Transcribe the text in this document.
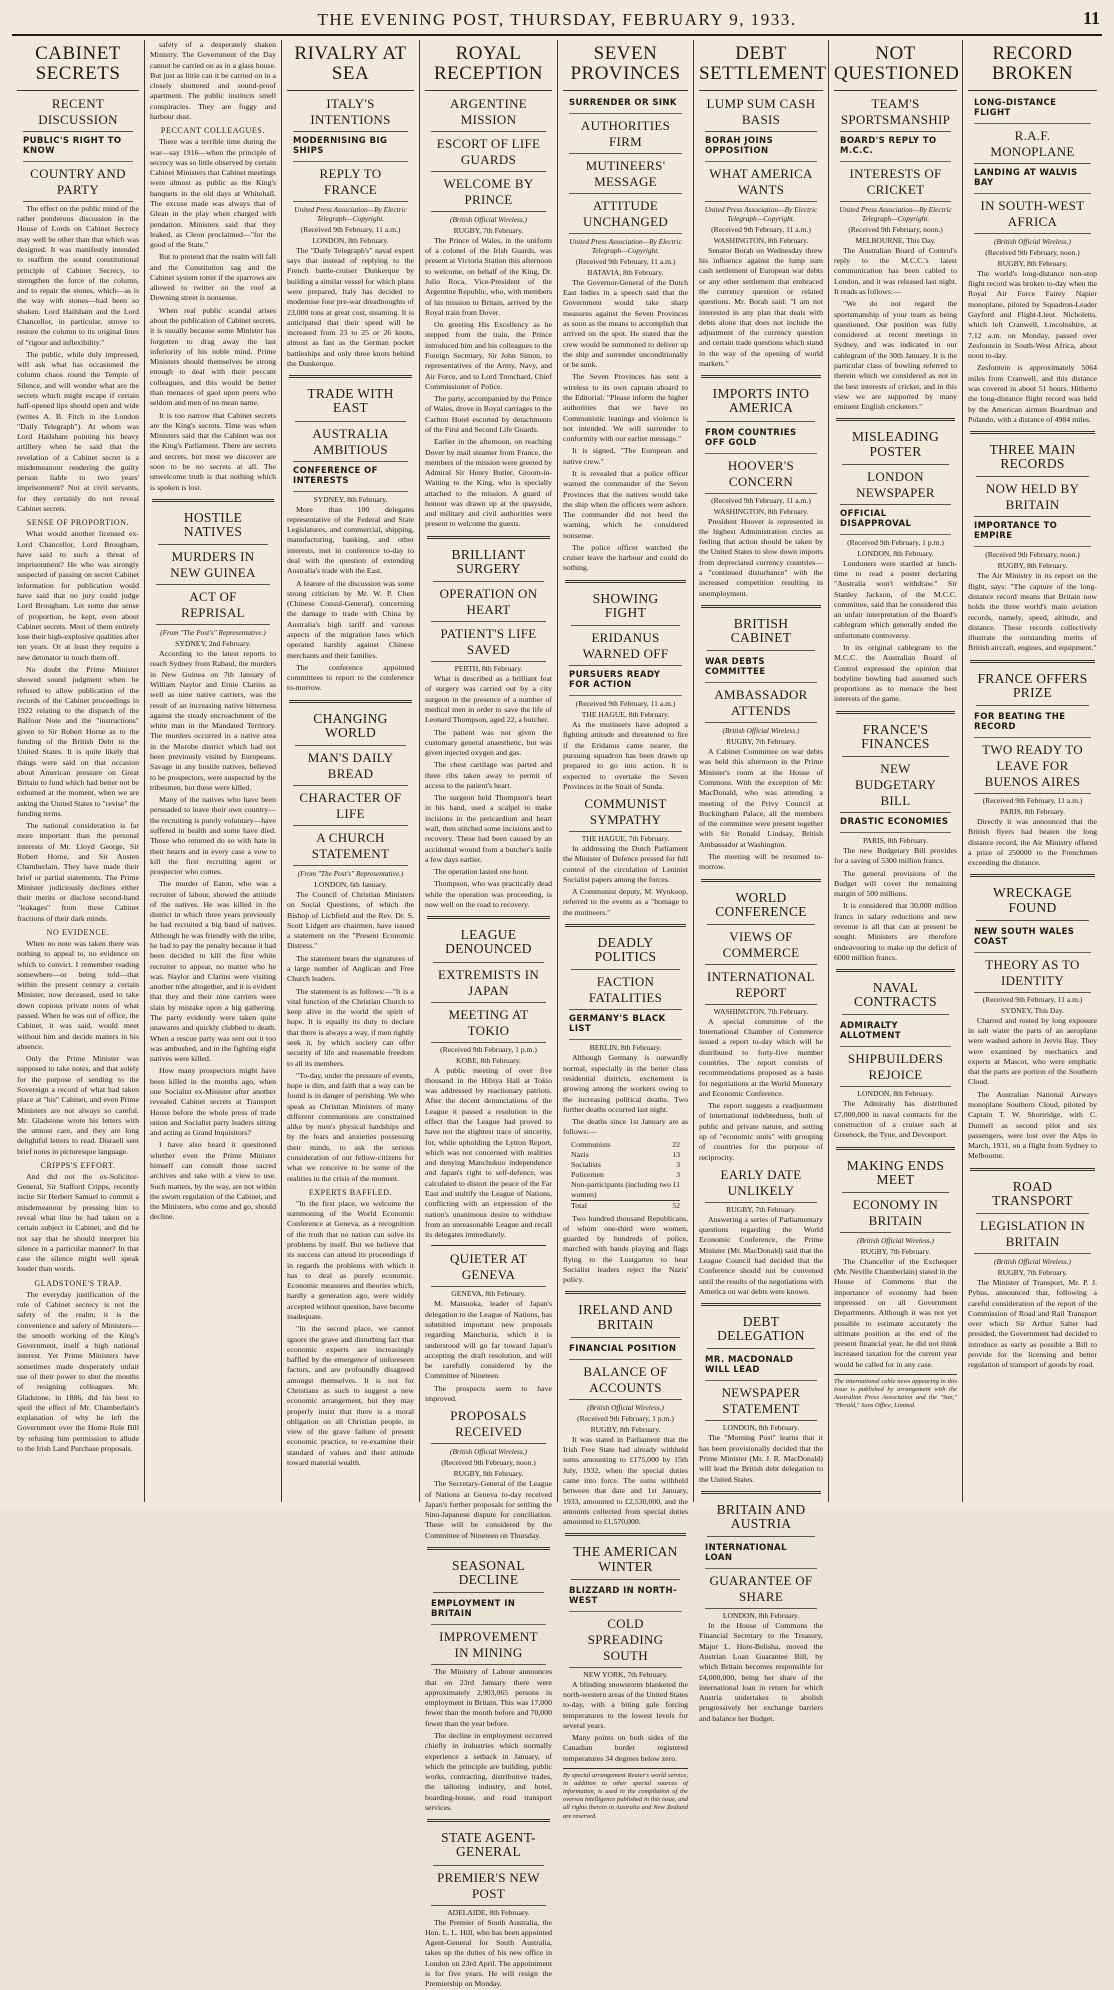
THE EVENING POST, THURSDAY, FEBRUARY 9, 1933.	11
CABINET SECRETS
RECENT DISCUSSION
PUBLIC'S RIGHT TO KNOW
COUNTRY AND PARTY

The effect on the public mind of the rather ponderous discussion in the House of Lords on Cabinet Secrecy may well be other than that which was designed. It was manifestly intended to reaffirm the sound constitutional principle of Cabinet Secrecy, to strengthen the force of the column, and to repair the stones, which—as is the way with stones—had been so shaken. Lord Hailsham and the Lord Chancellor, in particular, strove to restore the column to its original lines of "rigour and inflexibility."

The public, while duly impressed, will ask what has occasioned the column chaos round the Temple of Silence, and will wonder what are the secrets which might escape if certain half-opened lips should open and wide (writes A. B. Fitch in the London "Daily Telegraph"). At whom was Lord Hailsham pointing his heavy artillery when he said that the revelation of a Cabinet secret is a misdemeanour rendering the guilty person liable to two years' imprisonment? Not at civil servants, for they certainly do not reveal Cabinet secrets.

SENSE OF PROPORTION.

What would another licensed ex-Lord Chancellor, Lord Brougham, have said to such a threat of imprisonment? He who was strongly suspected of passing on secret Cabinet information for publication would have said that no jury could judge Lord Brougham. Let some due sense of proportion, be kept, even about Cabinet secrets. Most of them entirely lose their high-explosive qualities after ten years. Or at least they require a new detonator to touch them off.

No doubt the Prime Minister showed sound judgment when he refused to allow publication of the records of the Cabinet proceedings in 1922 relating to the dispatch of the Balfour Note and the "instructions" given to Sir Robert Horne as to the funding of the British Debt to the United States. It is quite likely that things were said on that occasion about American pressure on Great Britain to fund which had better not be exhumed at the moment, when we are asking the United States to "revise" the funding terms.

The national consideration is far more important than the personal interests of Mr. Lloyd George, Sir Robert Horne, and Sir Austen Chamberlain. They have made their brief or partial statements. The Prime Minister judiciously declines either their merits or disclose second-hand "leakages" from these Cabinet fractions of their dark minds.

NO EVIDENCE.

When no note was taken there was nothing to appeal to, no evidence on which to convict. I remember reading somewhere—or being told—that within the present century a certain Minister, now deceased, used to take down copious private notes of what passed. When he was out of office, the Cabinet, it was said, would meet without him and decide matters in his absence.

Only the Prime Minister was supposed to take notes, and that solely for the purpose of sending to the Sovereign a record of what had taken place at "his" Cabinet, and even Prime Ministers are not always so careful. Mr. Gladstone wrote his letters with the utmost care, and they are long delightful letters to read. Disraeli sent brief notes in picturesque language.

CRIPPS'S EFFORT.

And did not the ex-Solicitor-General, Sir Stafford Cripps, recently incite Sir Herbert Samuel to commit a misdemeanour by pressing him to reveal what line he had taken on a certain subject in Cabinet, and did he not say that he should interpret his silence in a particular manner? In that case the silence might well speak louder than words.

GLADSTONE'S TRAP.

The everyday justification of the rule of Cabinet secrecy is not the safety of the realm; it is the convenience and safety of Ministers—the smooth working of the King's Government, itself a high national interest. Yet Prime Ministers have sometimes made desperately unfair use of their power to shut the mouths of resigning colleagues. Mr. Gladstone, in 1886, did his best to spoil the effect of Mr. Chamberlain's explanation of why he left the Government over the Home Rule Bill by refusing him permission to allude to the Irish Land Purchase proposals.

safety of a desperately shaken Ministry. The Government of the Day cannot be carried on as in a glass house. But just as little can it be carried on in a closely shuttered and sound-proof apartment. The public instincts smell conspiracies. They are foggy and harbour dust.

PECCANT COLLEAGUES.

There was a terrible time during the war—say 1916—when the principle of secrecy was so little observed by certain Cabinet Ministers that Cabinet meetings were almost as public as the King's banquets in the old days at Whitehall. The excuse made was always that of Glean in the play when charged with pendation. Ministers said that they leaked, as Cleon proclaimed—"for the good of the State."

But to pretend that the realm will fall and the Constitution sag and the Cabinet system totter if the sparrows are allowed to twitter on the roof at Downing street is nonsense.

When real public scandal arises about the publication of Cabinet secrets, it is usually because some Minister has forgotten to drag away the last inferiority of his noble mind. Prime Ministers should themselves be strong enough to deal with their peccant colleagues, and this would be better than menaces of gaol upon peers who seldom and men of no mean name.

It is too narrow that Cabinet secrets are the King's secrets. Time was when Ministers said that the Cabinet was not the King's Parliament. There are secrets and secrets, but most we discover are soon to be no secrets at all. The unwelcome truth is that nothing which is spoken is lost.

HOSTILE NATIVES
MURDERS IN NEW GUINEA
ACT OF REPRISAL
(From "The Post's" Representative.)
SYDNEY, 2nd February.

According to the latest reports to reach Sydney from Rabaul, the murders in New Guinea on 7th January of William Naylor and Ernie Clarins as well as nine native carriers, was the result of an increasing native bitterness against the steady encroachment of the white man in the Mandated Territory. The murders occurred in a native area in the Morobe district which had not been previously visited by Europeans. Savage in any hostile natives, believed to be prospectors, were suspected by the tribesmen, but these were killed.

Many of the natives who have been persuaded to leave their own country—the recruiting is purely voluntary—have suffered in health and some have died. Those who returned do so with hate in their hearts and in every case a vow to kill the first recruiting agent or prospector who comes.

The murder of Eaton, who was a recruiter of labour, showed the attitude of the natives. He was killed in the district in which three years previously he had recruited a big band of natives. Although he was friendly with the tribe, he had to pay the penalty because it had been decided to kill the first white recruiter to appear, no matter who he was. Naylor and Clarins were visiting another tribe altogether, and it is evident that they and their nine carriers were slain by mistake upon a big gathering. The party evidently were taken quite unawares and quickly clubbed to death. When a rescue party was sent out it too was ambushed, and in the fighting eight natives were killed.

How many prospectors might have been killed in the months ago, when one Socialist ex-Minister after another revealed Cabinet secrets at Transport House before the whole press of trade union and Socialist party leaders sitting and acting as Grand Inquisitors?

I have also heard it questioned whether even the Prime Minister himself can consult those sacred archives and take with a view to use. Such matters, by the way, are not within the sworn regulation of the Cabinet, and the Ministers, who come and go, should decline.

RIVALRY AT SEA
ITALY'S INTENTIONS
MODERNISING BIG SHIPS
REPLY TO FRANCE
United Press Association—By Electric Telegraph—Copyright.
(Received 9th February, 11 a.m.)
LONDON, 8th February.

The "Daily Telegraph's" naval expert says that instead of replying to the French battle-cruiser Dunkerque by building a similar vessel for which plans were prepared, Italy has decided to modernise four pre-war dreadnoughts of 23,000 tons at great cost, steaming. It is anticipated that their speed will be increased from 23 to 25 or 26 knots, almost as fast as the German pocket battleships and only three knots behind the Dunkerque.

TRADE WITH EAST
AUSTRALIA AMBITIOUS
CONFERENCE OF INTERESTS
SYDNEY, 8th February.

More than 100 delegates representative of the Federal and State Legislatures, and commercial, shipping, manufacturing, banking, and other interests, met in conference to-day to deal with the question of extending Australia's trade with the East.

A feature of the discussion was some strong criticism by Mr. W. P. Chen (Chinese Consul-General), concerning the damage to trade with China by Australia's high tariff and various aspects of the migration laws which operated harshly against Chinese merchants and their families.

The conference appointed committees to report to the conference to-morrow.

CHANGING WORLD
MAN'S DAILY BREAD
CHARACTER OF LIFE
A CHURCH STATEMENT
(From "The Post's" Representative.)
LONDON, 6th January.

The Council of Christian Ministers on Social Questions, of which the Bishop of Lichfield and the Rev. Dr. S. Scott Lidgett are chairmen, have issued a statement on the "Present Economic Distress."

The statement bears the signatures of a large number of Anglican and Free Church leaders.

The statement is as follows:—"It is a vital function of the Christian Church to keep alive in the world the spirit of hope. It is equally its duty to declare that there is always a way, if men rightly seek it, by which society can offer security of life and reasonable freedom to all its members.

"To-day, under the pressure of events, hope is dim, and faith that a way can be found is in danger of perishing. We who speak as Christian Ministers of many different communions are constrained alike by men's physical hardships and by the fears and anxieties possessing their minds, to ask the serious consideration of our fellow-citizens for what we conceive to be some of the realities in the crisis of the moment.

EXPERTS BAFFLED.

"In the first place, we welcome the summoning of the World Economic Conference at Geneva, as a recognition of the truth that no nation can solve its problems by itself. But we believe that its success can attend its proceedings if in regards the problems with which it has to deal as purely economic. Economic measures and theories which, hardly a generation ago, were widely accepted without question, have become inadequate.

"In the second place, we cannot ignore the grave and disturbing fact that economic experts are increasingly baffled by the emergence of unforeseen factors, and are profoundly disagreed amongst themselves. It is not for Christians as such to suggest a new economic arrangement, but they may properly insist that there is a moral obligation on all Christian people, in view of the grave failure of present economic practice, to re-examine their standard of values and their attitude toward material wealth.

ROYAL RECEPTION
ARGENTINE MISSION
ESCORT OF LIFE GUARDS
WELCOME BY PRINCE
(British Official Wireless.)
RUGBY, 7th February.

The Prince of Wales, in the uniform of a colonel of the Irish Guards, was present at Victoria Station this afternoon to welcome, on behalf of the King, Dr. Julio Roca, Vice-President of the Argentine Republic, who, with members of his mission to Britain, arrived by the Royal train from Dover.

On greeting His Excellency as he stepped from the train, the Prince introduced him and his colleagues to the Foreign Secretary, Sir John Simon, to representatives of the Army, Navy, and Air Force, and to Lord Trenchard, Chief Commissioner of Police.

The party, accompanied by the Prince of Wales, drove in Royal carriages to the Carlton Hotel escorted by detachments of the First and Second Life Guards.

Earlier in the afternoon, on reaching Dover by mail steamer from France, the members of the mission were greeted by Admiral Sir Henry Butler, Groom-in-Waiting to the King, who is specially attached to the mission. A guard of honour was drawn up at the quayside, and military and civil authorities were present to welcome the guests.

BRILLIANT SURGERY
OPERATION ON HEART
PATIENT'S LIFE SAVED
PERTH, 8th February.

What is described as a brilliant feat of surgery was carried out by a city surgeon in the presence of a number of medical men in order to save the life of Leonard Thompson, aged 22, a butcher.

The patient was not given the customary general anaesthetic, but was given injected oxygen and gas.

The chest cartilage was parted and three ribs taken away to permit of access to the patient's heart.

The surgeon held Thompson's heart in his hand, used a scalpel to make incisions in the pericardium and heart wall, then stitched some incisions and to recovery. These had been caused by an accidental wound from a butcher's knife a few days earlier.

The operation lasted one hour.

Thompson, who was practically dead while the operation was proceeding, is now well on the road to recovery.

LEAGUE DENOUNCED
EXTREMISTS IN JAPAN
MEETING AT TOKIO
(Received 9th February, 1 p.m.)
KOBE, 8th February.

A public meeting of over five thousand in the Hibiya Hall at Tokio was addressed by reactionary patriots. After the decent denunciations of the League it passed a resolution to the effect that the League had proved to have not the slightest trace of sincerity, for, while upholding the Lytton Report, which was not concerned with realities and denying Manchukuo independence and Japan's right to self-defence, was calculated to distort the peace of the Far East and stultify the League of Nations, conflicting with an expression of the nation's unanimous desire to withdraw from an unreasonable League and recall its delegates immediately.

QUIETER AT GENEVA
GENEVA, 8th February.

M. Matsuoka, leader of Japan's delegation to the League of Nations, has submitted important new proposals regarding Manchuria, which it is understood will go far toward Japan's accepting the draft resolution, and will be carefully considered by the Committee of Nineteen.

The prospects seem to have improved.

PROPOSALS RECEIVED
(British Official Wireless.)
(Received 9th February, noon.)
RUGBY, 8th February.

The Secretary-General of the League of Nations at Geneva to-day received Japan's further proposals for settling the Sino-Japanese dispute for conciliation. These will be considered by the Committee of Nineteen on Thursday.

SEASONAL DECLINE
EMPLOYMENT IN BRITAIN
IMPROVEMENT IN MINING

The Ministry of Labour announces that on 23rd January there were approximately 2,903,065 persons in employment in Britain. This was 17,000 fewer than the month before and 70,000 fewer than the year before.

The decline in employment occurred chiefly in industries which normally experience a setback in January, of which the principle are building, public works, contracting, distributive trades, the tailoring industry, and hotel, boarding-house, and road transport services.

STATE AGENT-GENERAL
PREMIER'S NEW POST
ADELAIDE, 8th February.

The Premier of South Australia, the Hon. L. L. Hill, who has been appointed Agent-General for South Australia, takes up the duties of his new office in London on 23rd April. The appointment is for five years. He will resign the Premiership on Monday.

SEVEN PROVINCES
SURRENDER OR SINK
AUTHORITIES FIRM
MUTINEERS' MESSAGE
ATTITUDE UNCHANGED
United Press Association—By Electric Telegraph—Copyright.
(Received 9th February, 11 a.m.)
BATAVIA, 8th February.

The Governor-General of the Dutch East Indies in a speech said that the Government would take sharp measures against the Seven Provinces as soon as the means to accomplish that arrived on the spot. He stated that the crew would be summoned to deliver up the ship and surrender unconditionally or be sunk.

The Seven Provinces has sent a wireless to its own captain aboard to the Editorial: "Please inform the higher authorities that we have no Communistic leanings and violence is not intended. We will surrender to conformity with our earlier message."

It is signed, "The European and native crew."

It is revealed that a police officer warned the commander of the Seven Provinces that the natives would take the ship when the officers were ashore. The commander did not heed the warning, which he considered nonsense.

The police officer watched the cruiser leave the harbour and could do nothing.

SHOWING FIGHT
ERIDANUS WARNED OFF
PURSUERS READY FOR ACTION
(Received 9th February, 11 a.m.)
THE HAGUE, 8th February.

As the mutineers have adopted a fighting attitude and threatened to fire if the Eridanus came nearer, the pursuing squadron has been drawn up prepared to go into action. It is expected to overtake the Seven Provinces in the Strait of Sunda.

COMMUNIST SYMPATHY
THE HAGUE, 7th February.

In addressing the Dutch Parliament the Minister of Defence pressed for full control of the circulation of Leninist Socialist papers among the forces.

A Communist deputy, M. Wynkoop, referred to the events as a "homage to the mutineers."

DEADLY POLITICS
FACTION FATALITIES
GERMANY'S BLACK LIST
BERLIN, 8th February.

Although Germany is outwardly normal, especially in the better class residential districts, excitement is growing among the workers owing to the increasing political deaths. Two further deaths occurred last night.

The deaths since 1st January are as follows:—

Communists	22
Nazis	13
Socialists	3
Policemen	3
Non-participants (including two women)
11
Total	52

Two hundred thousand Republicans, of whom one-third were women, guarded by hundreds of police, marched with bands playing and flags flying to the Lustgarten to hear Socialist leaders reject the Nazis' policy.

IRELAND AND BRITAIN
FINANCIAL POSITION
BALANCE OF ACCOUNTS
(British Official Wireless.)
(Received 9th February, 1 p.m.)
RUGBY, 8th February.

It was stated in Parliament that the Irish Free State had already withheld sums amounting to £175,000 by 15th July, 1932, when the special duties came into force. The sums withheld between that date and 1st January, 1933, amounted to £2,530,000, and the amounts collected from special duties amounted to £1,570,000.

THE AMERICAN WINTER
BLIZZARD IN NORTH-WEST
COLD SPREADING SOUTH
NEW YORK, 7th February.

A blinding snowstorm blanketed the north-western areas of the United States to-day, with a biting gale forcing temperatures to the lowest levels for several years.

Many points on both sides of the Canadian border registered temperatures 34 degrees below zero.

By special arrangement Reuter's world service, in addition to other special sources of information, is used in the compilation of the oversea intelligence published in this issue, and all rights therein in Australia and New Zealand are reserved.
DEBT SETTLEMENT
LUMP SUM CASH BASIS
BORAH JOINS OPPOSITION
WHAT AMERICA WANTS
United Press Association—By Electric Telegraph—Copyright.
(Received 9th February, 11 a.m.)
WASHINGTON, 8th February.

Senator Borah on Wednesday threw his influence against the lump sum cash settlement of European war debts or any other settlement that embraced the currency question or related questions. Mr. Borah said: "I am not interested in any plan that deals with debts alone that does not include the adjustment of the currency question and certain trade questions which stand in the way of the opening of world markets."

IMPORTS INTO AMERICA
FROM COUNTRIES OFF GOLD
HOOVER'S CONCERN
(Received 9th February, 11 a.m.)
WASHINGTON, 8th February.

President Hoover is represented in the highest Administration circles as feeling that action should be taken by the United States to slow down imports from depreciated currency countries—a "continued disturbance" with the increased competition resulting in unemployment.

BRITISH CABINET
WAR DEBTS COMMITTEE
AMBASSADOR ATTENDS
(British Official Wireless.)
RUGBY, 7th February.

A Cabinet Committee on war debts was held this afternoon in the Prime Minister's room at the House of Commons. With the exception of Mr. MacDonald, who was attending a meeting of the Privy Council at Buckingham Palace, all the members of the committee were present together with Sir Ronald Lindsay, British Ambassador at Washington.

The meeting will be resumed to-morrow.

WORLD CONFERENCE
VIEWS OF COMMERCE
INTERNATIONAL REPORT
WASHINGTON, 7th February.

A special committee of the International Chamber of Commerce issued a report to-day which will be distributed to forty-five member countries. The report consists of recommendations proposed as a basis for negotiations at the World Monetary and Economic Conference.

The report suggests a readjustment of international indebtedness, both of public and private nature, and setting up of "economic units" with grouping of countries for the purpose of reciprocity.

EARLY DATE UNLIKELY
RUGBY, 7th February.

Answering a series of Parliamentary questions regarding the World Economic Conference, the Prime Minister (Mr. MacDonald) said that the League Council had decided that the Conference should not be convened until the results of the negotiations with America on war debts were known.

DEBT DELEGATION
MR. MACDONALD WILL LEAD
NEWSPAPER STATEMENT
LONDON, 8th February.

The "Morning Post" learns that it has been provisionally decided that the Prime Minister (Mr. J. R. MacDonald) will lead the British debt delegation to the United States.

BRITAIN AND AUSTRIA
INTERNATIONAL LOAN
GUARANTEE OF SHARE
LONDON, 8th February.

In the House of Commons the Financial Secretary to the Treasury, Major L. Hore-Belisha, moved the Austrian Loan Guarantee Bill, by which Britain becomes responsible for £4,000,000, being her share of the international loan in return for which Austria undertakes to abolish progressively her exchange barriers and balance her Budget.

NOT QUESTIONED
TEAM'S SPORTSMANSHIP
BOARD'S REPLY TO M.C.C.
INTERESTS OF CRICKET
United Press Association—By Electric Telegraph—Copyright.
(Received 9th February, noon.)
MELBOURNE, This Day.

The Australian Board of Control's reply to the M.C.C.'s latest communication has been cabled to London, and it was released last night. It reads as follows:—

"We do not regard the sportsmanship of your team as being questioned. Our position was fully considered at recent meetings in Sydney, and was indicated in our cablegram of the 30th January. It is the particular class of bowling referred to therein which we considered as not in the best interests of cricket, and in this view we are supported by many eminent English cricketers."

MISLEADING POSTER
LONDON NEWSPAPER
OFFICIAL DISAPPROVAL
(Received 9th February, 1 p.m.)
LONDON, 8th February.

Londoners were startled at lunch-time to read a poster declaring "Australia won't withdraw." Sir Stanley Jackson, of the M.C.C. committee, said that he considered this an unfair interpretation of the Board's cablegram which generally ended the unfortunate controversy.

In its original cablegram to the M.C.C. the Australian Board of Control expressed the opinion that bodyline bowling had assumed such proportions as to menace the best interests of the game.

FRANCE'S FINANCES
NEW BUDGETARY BILL
DRASTIC ECONOMIES
PARIS, 8th February.

The new Budgetary Bill provides for a saving of 5300 million francs.

The general provisions of the Budget will cover the remaining margin of 500 millions.

It is considered that 30,000 million francs in salary reductions and new revenue is all that can at present be sought. Ministers are therefore endeavouring to make up the deficit of 6000 million francs.

NAVAL CONTRACTS
ADMIRALTY ALLOTMENT
SHIPBUILDERS REJOICE
LONDON, 8th February.

The Admiralty has distributed £7,000,000 in naval contracts for the construction of a cruiser each at Greenock, the Tyne, and Devonport.

MAKING ENDS MEET
ECONOMY IN BRITAIN
(British Official Wireless.)
RUGBY, 7th February.

The Chancellor of the Exchequer (Mr. Neville Chamberlain) stated in the House of Commons that the importance of economy had been impressed on all Government Departments. Although it was not yet possible to estimate accurately the ultimate position at the end of the present financial year, he did not think increased taxation for the current year would be called for in any case.

The international cable news appearing in this issue is published by arrangement with the Australian Press Association and the "Sun," "Herald," Sans Office, Limited.
RECORD BROKEN
LONG-DISTANCE FLIGHT
R.A.F. MONOPLANE
LANDING AT WALVIS BAY
IN SOUTH-WEST AFRICA
(British Official Wireless.)
(Received 9th February, noon.)
RUGBY, 8th February.

The world's long-distance non-stop flight record was broken to-day when the Royal Air Force Fairey Napier monoplane, piloted by Squadron-Leader Gayford and Flight-Lieut. Nicholetts, which left Cranwell, Lincolnshire, at 7.12 a.m. on Monday, passed over Zesfontein in South-West Africa, about noon to-day.

Zesfontein is approximately 5064 miles from Cranwell, and this distance was covered in about 51 hours. Hitherto the long-distance flight record was held by the American airmen Boardman and Polando, with a distance of 4984 miles.

THREE MAIN RECORDS
NOW HELD BY BRITAIN
IMPORTANCE TO EMPIRE
(Received 9th February, noon.)
RUGBY, 8th February.

The Air Ministry in its report on the flight, says: "The capture of the long-distance record means that Britain now holds the three world's main aviation records, namely, speed, altitude, and distance. These records collectively illustrate the outstanding merits of British aircraft, engines, and equipment."

FRANCE OFFERS PRIZE
FOR BEATING THE RECORD
TWO READY TO LEAVE FOR BUENOS AIRES
(Received 9th February, 11 a.m.)
PARIS, 8th February.

Directly it was announced that the British flyers had beaten the long distance record, the Air Ministry offered a prize of 250000 to the Frenchmen exceeding the distance.

WRECKAGE FOUND
NEW SOUTH WALES COAST
THEORY AS TO IDENTITY
(Received 9th February, 11 a.m.)
SYDNEY, This Day.

Charred and rusted by long exposure in salt water the parts of an aeroplane were washed ashore in Jervis Bay. They were examined by mechanics and experts at Mascot, who were emphatic that the parts are portion of the Southern Cloud.

The Australian National Airways monoplane Southern Cloud, piloted by Captain T. W. Shortridge, with C. Dunnell as second pilot and six passengers, were lost over the Alps in March, 1931, on a flight from Sydney to Melbourne.

ROAD TRANSPORT
LEGISLATION IN BRITAIN
(British Official Wireless.)
RUGBY, 7th February.

The Minister of Transport, Mr. P. J. Pybus, announced that, following a careful consideration of the report of the Commission of Road and Rail Transport over which Sir Arthur Salter had presided, the Government had decided to introduce as early as possible a Bill to provide for the licensing and better regulation of transport of goods by road.
